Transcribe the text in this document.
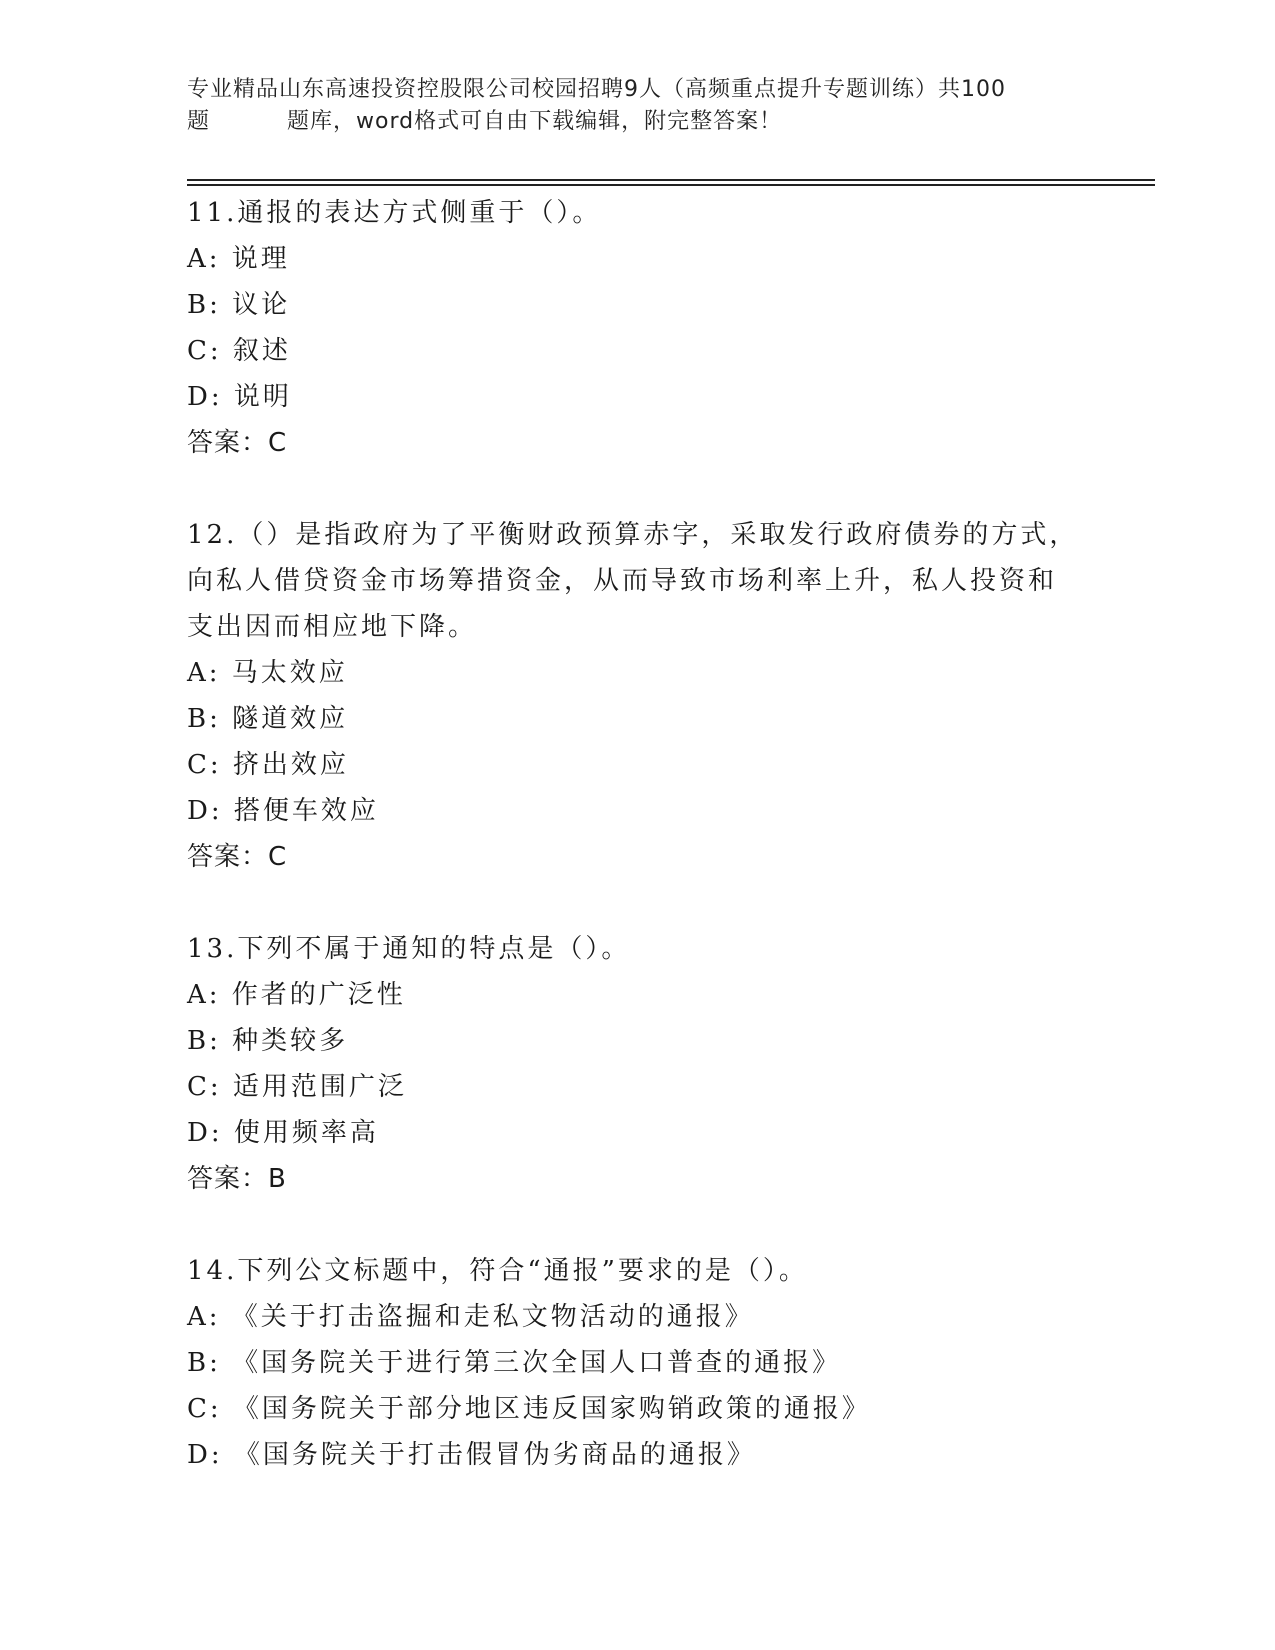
专业精品山东高速投资控股限公司校园招聘9人（高频重点提升专题训练）共100
题	题库，word格式可自由下载编辑，附完整答案！
11.通报的表达方式侧重于（）。
A: 说理
B: 议论
C: 叙述
D: 说明
答案：C
12.（）是指政府为了平衡财政预算赤字，采取发行政府债券的方式，
向私人借贷资金市场筹措资金，从而导致市场利率上升，私人投资和
支出因而相应地下降。
A: 马太效应
B: 隧道效应
C: 挤出效应
D: 搭便车效应
答案：C
13.下列不属于通知的特点是（）。
A: 作者的广泛性
B: 种类较多
C: 适用范围广泛
D: 使用频率高
答案：B
14.下列公文标题中，符合“通报”要求的是（）。
A: 《关于打击盗掘和走私文物活动的通报》
B: 《国务院关于进行第三次全国人口普查的通报》
C: 《国务院关于部分地区违反国家购销政策的通报》
D: 《国务院关于打击假冒伪劣商品的通报》
